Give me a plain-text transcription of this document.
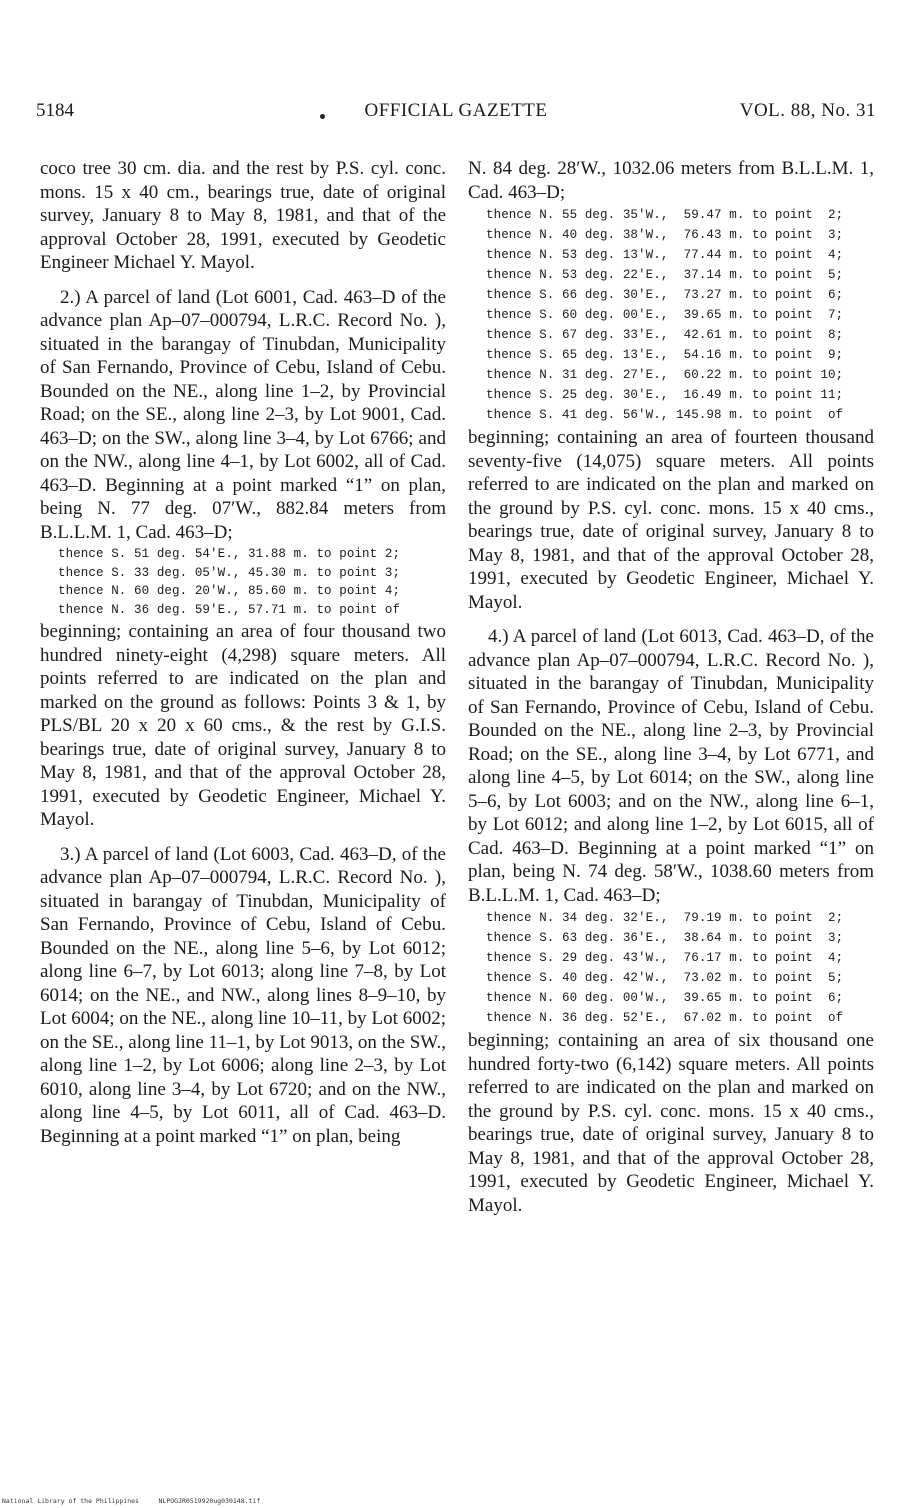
5184	OFFICIAL GAZETTE	VOL. 88, No. 31

coco tree 30 cm. dia. and the rest by P.S. cyl. conc. mons. 15 x 40 cm., bearings true, date of original survey, January 8 to May 8, 1981, and that of the approval October 28, 1991, executed by Geodetic Engineer Michael Y. Mayol.

2.) A parcel of land (Lot 6001, Cad. 463–D of the advance plan Ap–07–000794, L.R.C. Record No. ), situated in the barangay of Tinubdan, Municipality of San Fernando, Province of Cebu, Island of Cebu. Bounded on the NE., along line 1–2, by Provincial Road; on the SE., along line 2–3, by Lot 9001, Cad. 463–D; on the SW., along line 3–4, by Lot 6766; and on the NW., along line 4–1, by Lot 6002, all of Cad. 463–D. Beginning at a point marked “1” on plan, being N. 77 deg. 07′W., 882.84 meters from B.L.L.M. 1, Cad. 463–D;

thence S. 51 deg. 54'E., 31.88 m. to point 2;
thence S. 33 deg. 05'W., 45.30 m. to point 3;
thence N. 60 deg. 20'W., 85.60 m. to point 4;
thence N. 36 deg. 59'E., 57.71 m. to point of

beginning; containing an area of four thousand two hundred ninety-eight (4,298) square meters. All points referred to are indicated on the plan and marked on the ground as follows: Points 3 & 1, by PLS/BL 20 x 20 x 60 cms., & the rest by G.I.S. bearings true, date of original survey, January 8 to May 8, 1981, and that of the approval October 28, 1991, executed by Geodetic Engineer, Michael Y. Mayol.

3.) A parcel of land (Lot 6003, Cad. 463–D, of the advance plan Ap–07–000794, L.R.C. Record No. ), situated in barangay of Tinubdan, Municipality of San Fernando, Province of Cebu, Island of Cebu. Bounded on the NE., along line 5–6, by Lot 6012; along line 6–7, by Lot 6013; along line 7–8, by Lot 6014; on the NE., and NW., along lines 8–9–10, by Lot 6004; on the NE., along line 10–11, by Lot 6002; on the SE., along line 11–1, by Lot 9013, on the SW., along line 1–2, by Lot 6006; along line 2–3, by Lot 6010, along line 3–4, by Lot 6720; and on the NW., along line 4–5, by Lot 6011, all of Cad. 463–D. Beginning at a point marked “1” on plan, being

N. 84 deg. 28′W., 1032.06 meters from B.L.L.M. 1, Cad. 463–D;

thence N. 55 deg. 35'W.,  59.47 m. to point  2;
thence N. 40 deg. 38'W.,  76.43 m. to point  3;
thence N. 53 deg. 13'W.,  77.44 m. to point  4;
thence N. 53 deg. 22'E.,  37.14 m. to point  5;
thence S. 66 deg. 30'E.,  73.27 m. to point  6;
thence S. 60 deg. 00'E.,  39.65 m. to point  7;
thence S. 67 deg. 33'E.,  42.61 m. to point  8;
thence S. 65 deg. 13'E.,  54.16 m. to point  9;
thence N. 31 deg. 27'E.,  60.22 m. to point 10;
thence S. 25 deg. 30'E.,  16.49 m. to point 11;
thence S. 41 deg. 56'W., 145.98 m. to point  of

beginning; containing an area of fourteen thousand seventy-five (14,075) square meters. All points referred to are indicated on the plan and marked on the ground by P.S. cyl. conc. mons. 15 x 40 cms., bearings true, date of original survey, January 8 to May 8, 1981, and that of the approval October 28, 1991, executed by Geodetic Engineer, Michael Y. Mayol.

4.) A parcel of land (Lot 6013, Cad. 463–D, of the advance plan Ap–07–000794, L.R.C. Record No. ), situated in the barangay of Tinubdan, Municipality of San Fernando, Province of Cebu, Island of Cebu. Bounded on the NE., along line 2–3, by Provincial Road; on the SE., along line 3–4, by Lot 6771, and along line 4–5, by Lot 6014; on the SW., along line 5–6, by Lot 6003; and on the NW., along line 6–1, by Lot 6012; and along line 1–2, by Lot 6015, all of Cad. 463–D. Beginning at a point marked “1” on plan, being N. 74 deg. 58′W., 1038.60 meters from B.L.L.M. 1, Cad. 463–D;

thence N. 34 deg. 32'E.,  79.19 m. to point  2;
thence S. 63 deg. 36'E.,  38.64 m. to point  3;
thence S. 29 deg. 43'W.,  76.17 m. to point  4;
thence S. 40 deg. 42'W.,  73.02 m. to point  5;
thence N. 60 deg. 00'W.,  39.65 m. to point  6;
thence N. 36 deg. 52'E.,  67.02 m. to point  of

beginning; containing an area of six thousand one hundred forty-two (6,142) square meters. All points referred to are indicated on the plan and marked on the ground by P.S. cyl. conc. mons. 15 x 40 cms., bearings true, date of original survey, January 8 to May 8, 1981, and that of the approval October 28, 1991, executed by Geodetic Engineer, Michael Y. Mayol.

National Library of the Philippines     NLPOGJR0519920ug030148.tif
